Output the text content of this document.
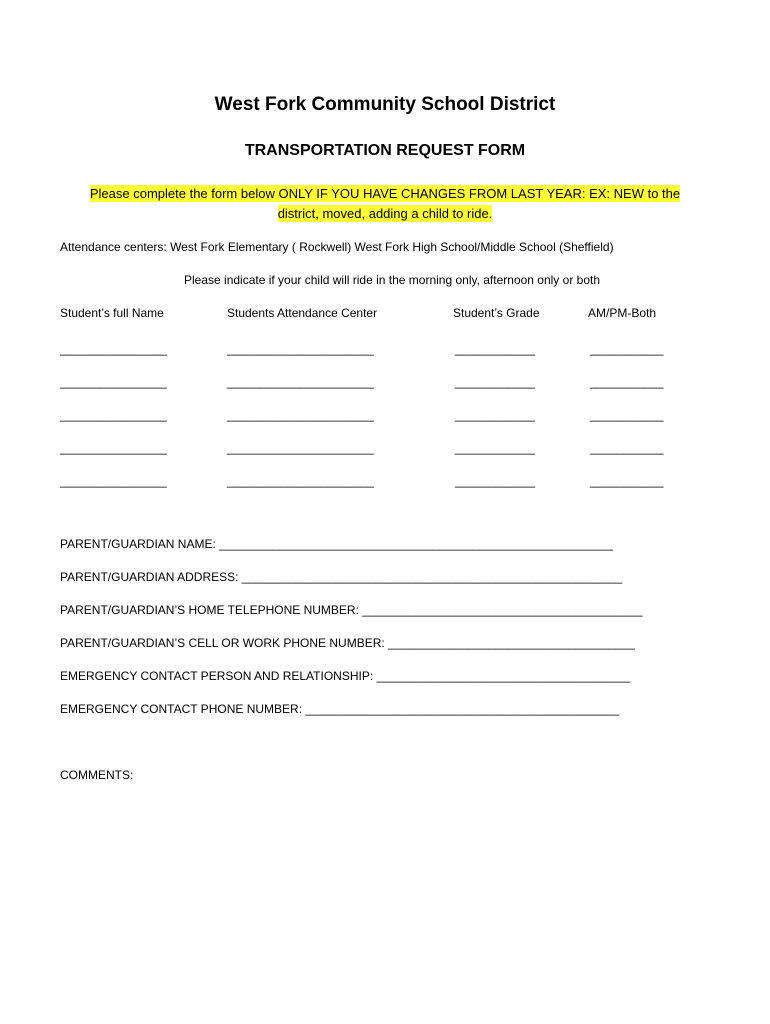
West Fork Community School District
TRANSPORTATION REQUEST FORM
Please complete the form below ONLY IF YOU HAVE CHANGES FROM LAST YEAR: EX: NEW to the
district, moved, adding a child to ride.
Attendance centers: West Fork Elementary ( Rockwell) West Fork High School/Middle School (Sheffield)
Please indicate if your child will ride in the morning only, afternoon only or both
Student’s full Name	Students Attendance Center	Student’s Grade	AM/PM-Both
________________	______________________	____________	___________
________________	______________________	____________	___________
________________	______________________	____________	___________
________________	______________________	____________	___________
________________	______________________	____________	___________
PARENT/GUARDIAN NAME: ___________________________________________________________
PARENT/GUARDIAN ADDRESS: _________________________________________________________
PARENT/GUARDIAN’S HOME TELEPHONE NUMBER: __________________________________________
PARENT/GUARDIAN’S CELL OR WORK PHONE NUMBER: _____________________________________
EMERGENCY CONTACT PERSON AND RELATIONSHIP: ______________________________________
EMERGENCY CONTACT PHONE NUMBER: _______________________________________________
COMMENTS:
